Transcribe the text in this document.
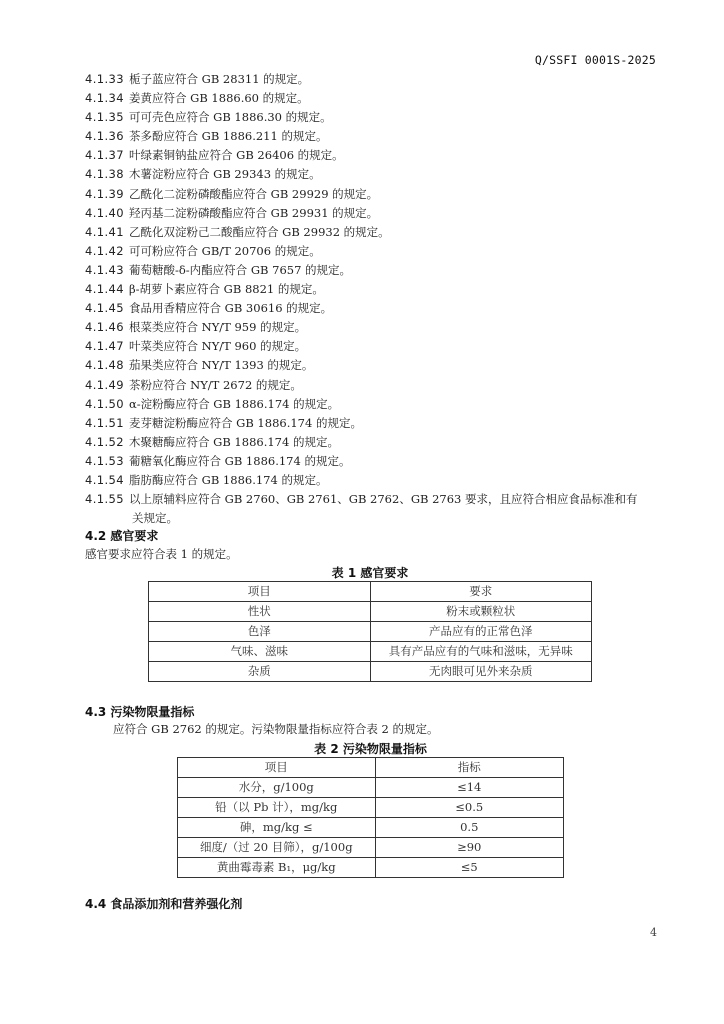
Q/SSFI 0001S-2025
4.1.33 栀子蓝应符合 GB 28311 的规定。
4.1.34 姜黄应符合 GB 1886.60 的规定。
4.1.35 可可壳色应符合 GB 1886.30 的规定。
4.1.36 茶多酚应符合 GB 1886.211 的规定。
4.1.37 叶绿素铜钠盐应符合 GB 26406 的规定。
4.1.38 木薯淀粉应符合 GB 29343 的规定。
4.1.39 乙酰化二淀粉磷酸酯应符合 GB 29929 的规定。
4.1.40 羟丙基二淀粉磷酸酯应符合 GB 29931 的规定。
4.1.41 乙酰化双淀粉己二酸酯应符合 GB 29932 的规定。
4.1.42 可可粉应符合 GB/T 20706 的规定。
4.1.43 葡萄糖酸-δ-内酯应符合 GB 7657 的规定。
4.1.44 β-胡萝卜素应符合 GB 8821 的规定。
4.1.45 食品用香精应符合 GB 30616 的规定。
4.1.46 根菜类应符合 NY/T 959 的规定。
4.1.47 叶菜类应符合 NY/T 960 的规定。
4.1.48 茄果类应符合 NY/T 1393 的规定。
4.1.49 茶粉应符合 NY/T 2672 的规定。
4.1.50 α-淀粉酶应符合 GB 1886.174 的规定。
4.1.51 麦芽糖淀粉酶应符合 GB 1886.174 的规定。
4.1.52 木聚糖酶应符合 GB 1886.174 的规定。
4.1.53 葡糖氧化酶应符合 GB 1886.174 的规定。
4.1.54 脂肪酶应符合 GB 1886.174 的规定。
4.1.55 以上原辅料应符合 GB 2760、GB 2761、GB 2762、GB 2763 要求，且应符合相应食品标准和有
关规定。
4.2 感官要求
感官要求应符合表 1 的规定。
表 1 感官要求
项目	要求
性状	粉末或颗粒状
色泽	产品应有的正常色泽
气味、滋味	具有产品应有的气味和滋味，无异味
杂质	无肉眼可见外来杂质
4.3 污染物限量指标
应符合 GB 2762 的规定。污染物限量指标应符合表 2 的规定。
表 2 污染物限量指标
项目	指标
水分，g/100g	≤14
铅（以 Pb 计），mg/kg	≤0.5
砷，mg/kg ≤	0.5
细度/（过 20 目筛），g/100g	≥90
黄曲霉毒素 B₁，μg/kg	≤5
4.4 食品添加剂和营养强化剂
4
